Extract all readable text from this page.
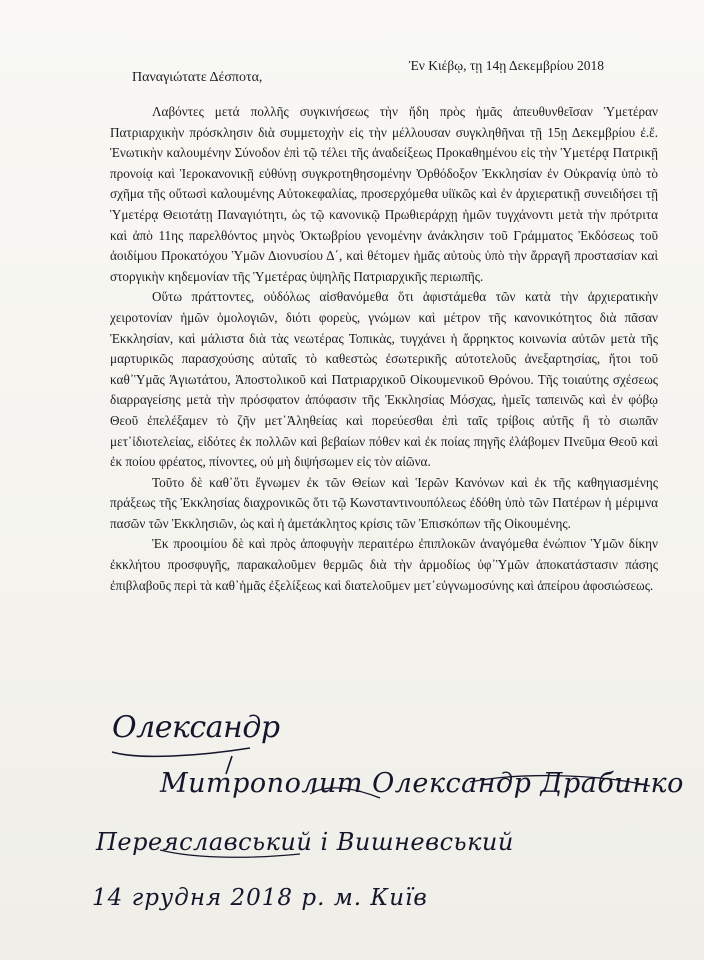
Ἐν Κιέβῳ, τῃ 14ῃ Δεκεμβρίου 2018
Παναγιώτατε Δέσποτα,

Λαβόντες μετά πολλῆς συγκινήσεως τὴν ἤδη πρὸς ἡμᾶς ἀπευθυνθεῖσαν Ὑμετέραν Πατριαρχικὴν πρόσκλησιν διὰ συμμετοχὴν εἰς τὴν μέλλουσαν συγκληθῆναι τῇ 15ῃ Δεκεμβρίου ἐ.ἔ. Ἑνωτικὴν καλουμένην Σύνοδον ἐπὶ τῷ τέλει τῆς ἀναδείξεως Προκαθημένου εἰς τὴν Ὑμετέρᾳ Πατρικῇ προνοίᾳ καὶ Ἱεροκανονικῇ εὐθύνῃ συγκροτηθησομένην Ὀρθόδοξον Ἐκκλησίαν ἐν Οὐκρανίᾳ ὑπὸ τὸ σχῆμα τῆς οὕτωσὶ καλουμένης Αὐτοκεφαλίας, προσερχόμεθα υἱϊκῶς καὶ ἐν ἀρχιερατικῇ συνειδήσει τῇ Ὑμετέρᾳ Θειοτάτῃ Παναγιότητι, ὡς τῷ κανονικῷ Πρωθιεράρχῃ ἡμῶν τυγχάνοντι μετὰ τὴν πρότριτα καὶ ἀπὸ 11ης παρελθόντος μηνὸς Ὀκτωβρίου γενομένην ἀνάκλησιν τοῦ Γράμματος Ἐκδόσεως τοῦ ἀοιδίμου Προκατόχου Ὑμῶν Διονυσίου Δ΄, καὶ θέτομεν ἡμᾶς αὐτοὺς ὑπὸ τὴν ἄρραγῆ προστασίαν καὶ στοργικὴν κηδεμονίαν τῆς Ὑμετέρας ὑψηλῆς Πατριαρχικῆς περιωπῆς.

Οὕτω πράττοντες, οὐδόλως αἰσθανόμεθα ὅτι ἀφιστάμεθα τῶν κατὰ τὴν ἀρχιερατικὴν χειροτονίαν ἡμῶν ὁμολογιῶν, διότι φορεὺς, γνώμων καὶ μέτρον τῆς κανονικότητος διὰ πᾶσαν Ἐκκλησίαν, καὶ μάλιστα διὰ τὰς νεωτέρας Τοπικὰς, τυγχάνει ἡ ἄρρηκτος κοινωνία αὐτῶν μετὰ τῆς μαρτυρικῶς παρασχούσης αὐταῖς τὸ καθεστὼς ἐσωτερικῆς αὐτοτελοῦς ἀνεξαρτησίας, ἤτοι τοῦ καθ᾽Ὑμᾶς Ἁγιωτάτου, Ἀποστολικοῦ καὶ Πατριαρχικοῦ Οἰκουμενικοῦ Θρόνου. Τῆς τοιαύτης σχέσεως διαρραγείσης μετὰ τὴν πρόσφατον ἀπόφασιν τῆς Ἐκκλησίας Μόσχας, ἡμεῖς ταπεινῶς καὶ ἐν φόβῳ Θεοῦ ἐπελέξαμεν τὸ ζῆν μετ᾽Ἀληθείας καὶ πορεύεσθαι ἐπὶ ταῖς τρίβοις αὐτῆς ἢ τὸ σιωπᾶν μετ᾽ἰδιοτελείας, εἰδότες ἐκ πολλῶν καὶ βεβαίων πόθεν καὶ ἐκ ποίας πηγῆς ἐλάβομεν Πνεῦμα Θεοῦ καὶ ἐκ ποίου φρέατος, πίνοντες, οὐ μὴ διψήσωμεν εἰς τὸν αἰῶνα.

Τοῦτο δὲ καθ᾽ὅτι ἔγνωμεν ἐκ τῶν Θείων καὶ Ἱερῶν Κανόνων καὶ ἐκ τῆς καθηγιασμένης πράξεως τῆς Ἐκκλησίας διαχρονικῶς ὅτι τῷ Κωνσταντινουπόλεως ἐδόθη ὑπὸ τῶν Πατέρων ἡ μέριμνα πασῶν τῶν Ἐκκλησιῶν, ὡς καὶ ἡ ἀμετάκλητος κρίσις τῶν Ἐπισκόπων τῆς Οἰκουμένης.

Ἐκ προοιμίου δὲ καὶ πρὸς ἀποφυγὴν περαιτέρω ἐπιπλοκῶν ἀναγόμεθα ἐνώπιον Ὑμῶν δίκην ἐκκλήτου προσφυγῆς, παρακαλοῦμεν θερμῶς διὰ τὴν ἁρμοδίως ὑφ᾽Ὑμῶν ἀποκατάστασιν πάσης ἐπιβλαβοῦς περὶ τὰ καθ᾽ἡμᾶς ἐξελίξεως καὶ διατελοῦμεν μετ᾽εὐγνωμοσύνης καὶ ἀπείρου ἀφοσιώσεως.

Олександр
Митрополит Олександр Драбинко
Переяславський і Вишневський
14 грудня 2018 р. м. Київ
